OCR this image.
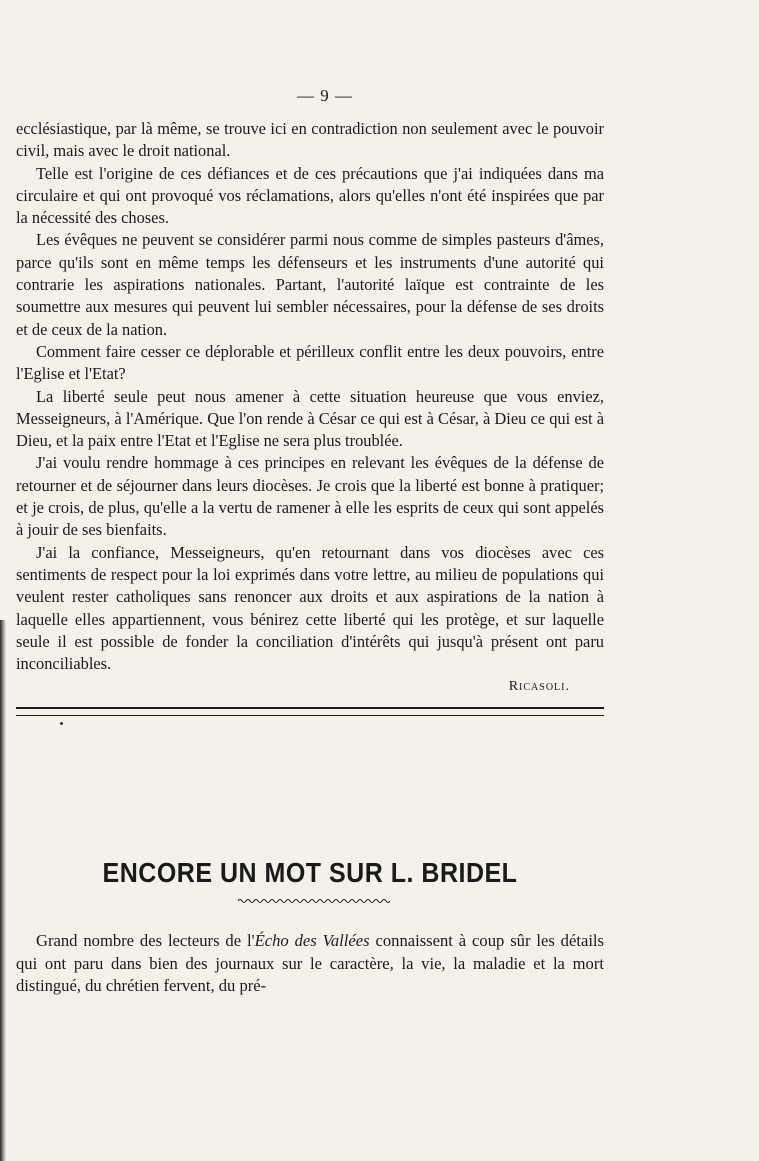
— 9 —

ecclésiastique, par là même, se trouve ici en contradiction non seulement avec le pouvoir civil, mais avec le droit national.

Telle est l'origine de ces défiances et de ces précautions que j'ai indiquées dans ma circulaire et qui ont provoqué vos réclamations, alors qu'elles n'ont été inspirées que par la nécessité des choses.

Les évêques ne peuvent se considérer parmi nous comme de simples pasteurs d'âmes, parce qu'ils sont en même temps les défenseurs et les instruments d'une autorité qui contrarie les aspirations nationales. Partant, l'autorité laïque est contrainte de les soumettre aux mesures qui peuvent lui sembler nécessaires, pour la défense de ses droits et de ceux de la nation.

Comment faire cesser ce déplorable et périlleux conflit entre les deux pouvoirs, entre l'Eglise et l'Etat?

La liberté seule peut nous amener à cette situation heureuse que vous enviez, Messeigneurs, à l'Amérique. Que l'on rende à César ce qui est à César, à Dieu ce qui est à Dieu, et la paix entre l'Etat et l'Eglise ne sera plus troublée.

J'ai voulu rendre hommage à ces principes en relevant les évêques de la défense de retourner et de séjourner dans leurs diocèses. Je crois que la liberté est bonne à pratiquer; et je crois, de plus, qu'elle a la vertu de ramener à elle les esprits de ceux qui sont appelés à jouir de ses bienfaits.

J'ai la confiance, Messeigneurs, qu'en retournant dans vos diocèses avec ces sentiments de respect pour la loi exprimés dans votre lettre, au milieu de populations qui veulent rester catholiques sans renoncer aux droits et aux aspirations de la nation à laquelle elles appartiennent, vous bénirez cette liberté qui les protège, et sur laquelle seule il est possible de fonder la conciliation d'intérêts qui jusqu'à présent ont paru inconciliables.

Ricasoli.
ENCORE UN MOT SUR L. BRIDEL

Grand nombre des lecteurs de l'Écho des Vallées connaissent à coup sûr les détails qui ont paru dans bien des journaux sur le caractère, la vie, la maladie et la mort distingué, du chrétien fervent, du pré-
